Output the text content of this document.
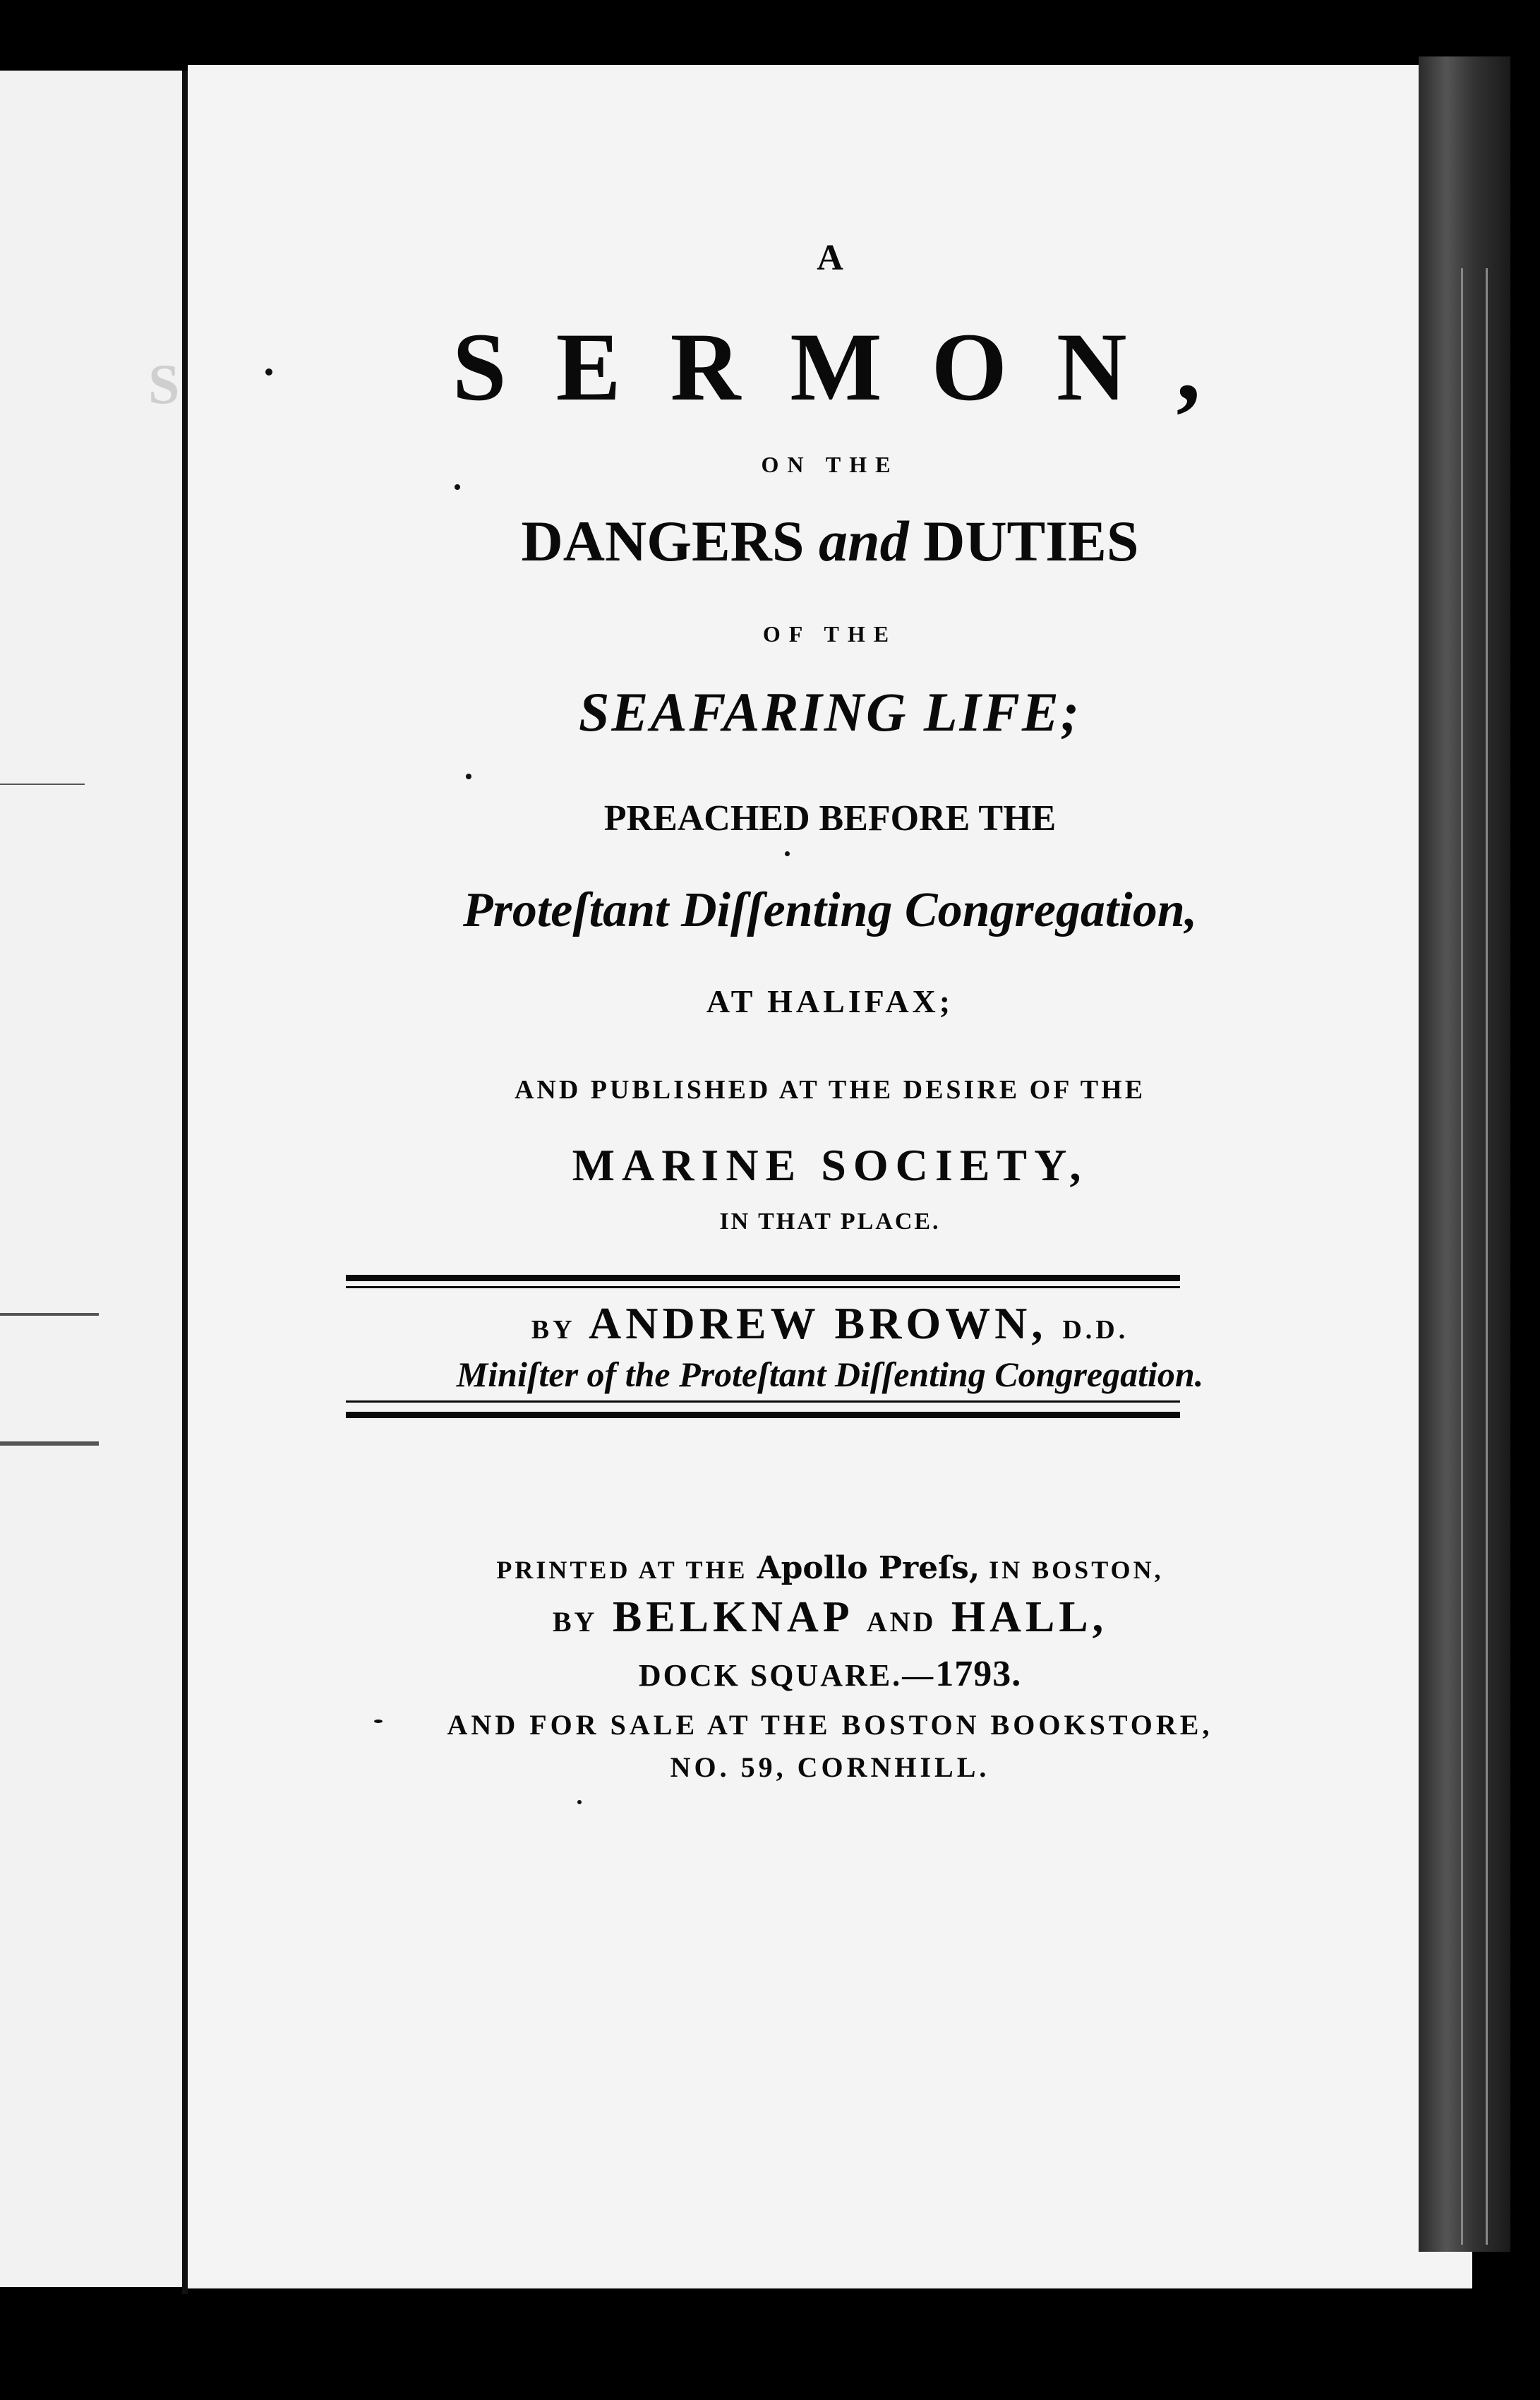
S
A
SERMON,
ON THE
DANGERS and DUTIES
OF THE
SEAFARING LIFE;
PREACHED BEFORE THE
Proteſtant Diſſenting Congregation,
AT HALIFAX;
AND PUBLISHED AT THE DESIRE OF THE
MARINE SOCIETY,
IN THAT PLACE.
BY ANDREW BROWN, D.D.
Miniſter of the Proteſtant Diſſenting Congregation.
PRINTED AT THE Apollo Preſs, IN BOSTON,
BY BELKNAP AND HALL,
DOCK SQUARE.—1793.
AND FOR SALE AT THE BOSTON BOOKSTORE,
NO. 59, CORNHILL.
